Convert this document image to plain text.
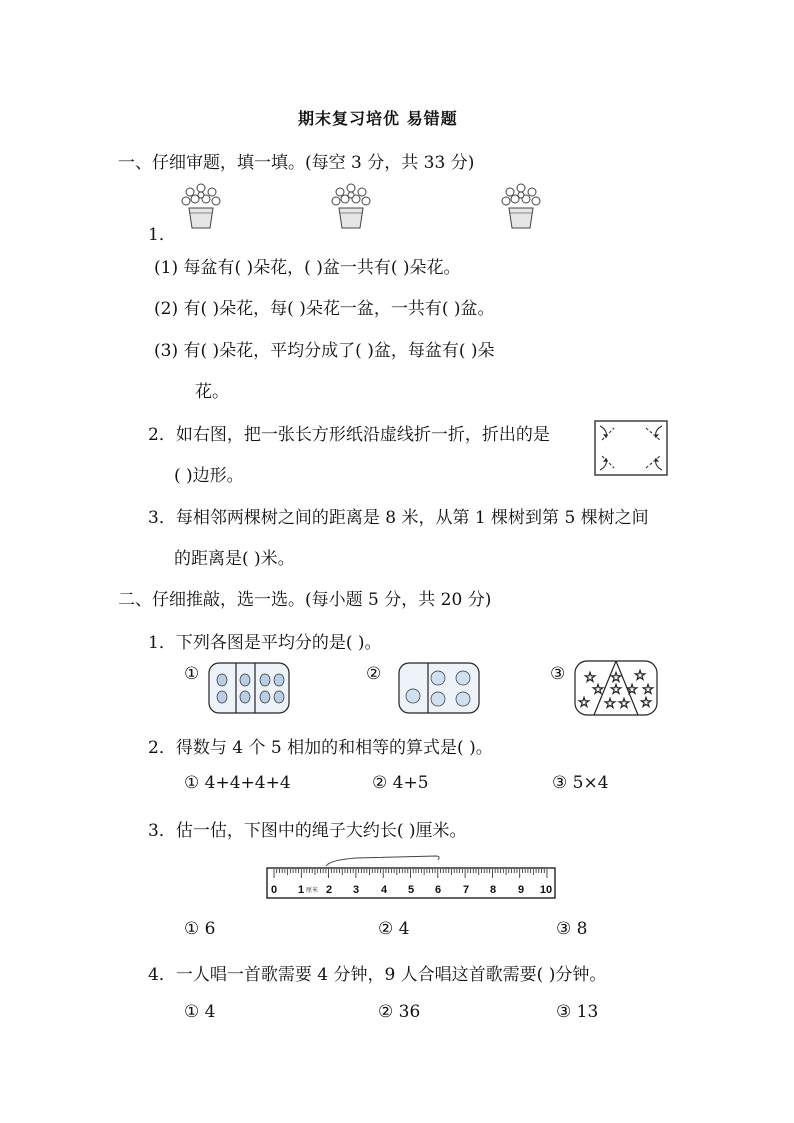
期末复习培优 易错题
一、仔细审题，填一填。(每空 3 分，共 33 分)
1．
(1) 每盆有( )朵花，( )盆一共有( )朵花。
(2) 有( )朵花，每( )朵花一盆，一共有( )盆。
(3) 有( )朵花，平均分成了( )盆，每盆有( )朵
花。
2．如右图，把一张长方形纸沿虚线折一折，折出的是
( )边形。
3．每相邻两棵树之间的距离是 8 米，从第 1 棵树到第 5 棵树之间
的距离是( )米。
二、仔细推敲，选一选。(每小题 5 分，共 20 分)
1．下列各图是平均分的是( )。
①	②	③ ☆
☆
☆
☆
☆
☆ ☆
☆
☆ ☆
☆
2．得数与 4 个 5 相加的和相等的算式是( )。
① 4+4+4+4	② 4+5	③ 5×4
3．估一估，下图中的绳子大约长( )厘米。
0 1 2 3 4 5 6 7 8 9 10
厘米
① 6	② 4	③ 8
4．一人唱一首歌需要 4 分钟，9 人合唱这首歌需要( )分钟。
① 4	② 36	③ 13
